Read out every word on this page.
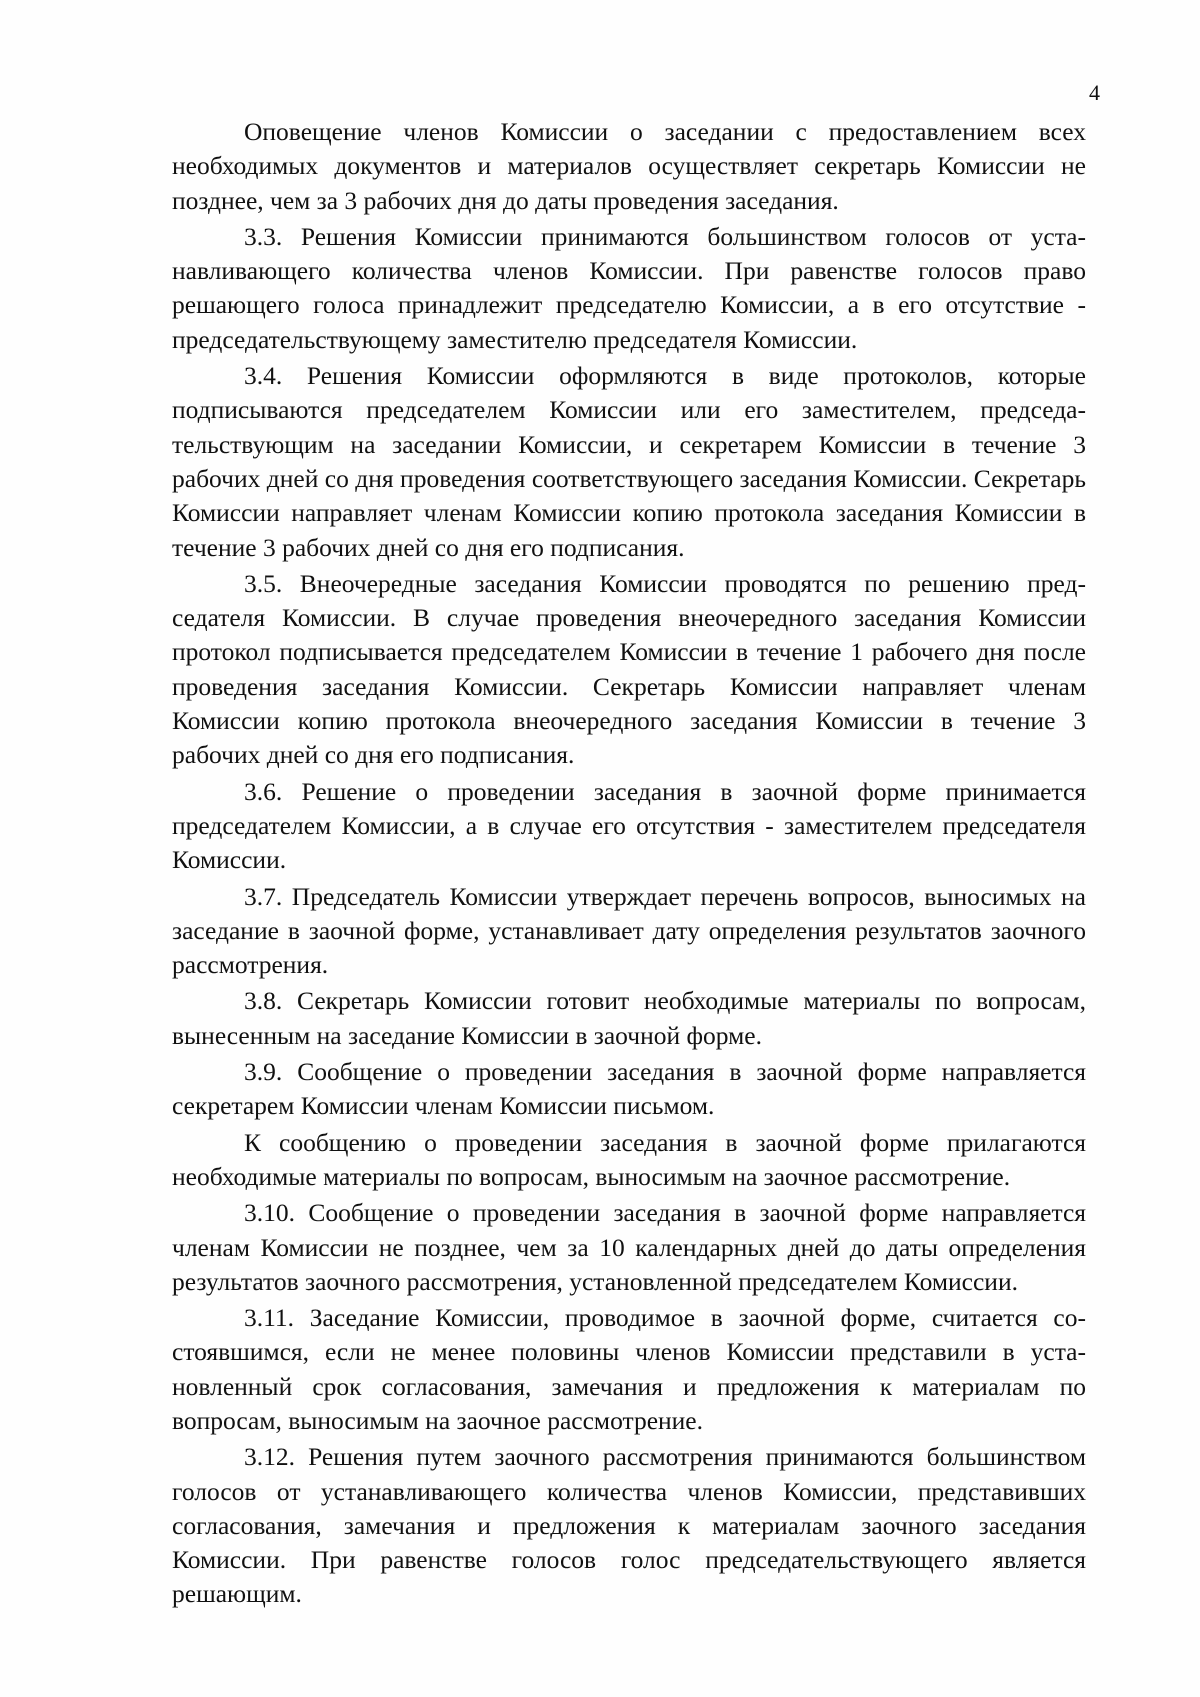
4

Оповещение членов Комиссии о заседании с предоставлением всех необходимых документов и материалов осуществляет секретарь Комиссии не позднее, чем за 3 рабочих дня до даты проведения заседания.

3.3. Решения Комиссии принимаются большинством голосов от устанавливающего количества членов Комиссии. При равенстве голосов право решающего голоса принадлежит председателю Комиссии, а в его отсутствие - председательствующему заместителю председателя Комиссии.

3.4. Решения Комиссии оформляются в виде протоколов, которые подписываются председателем Комиссии или его заместителем, председательствующим на заседании Комиссии, и секретарем Комиссии в течение 3 рабочих дней со дня проведения соответствующего заседания Комиссии. Секретарь Комиссии направляет членам Комиссии копию протокола заседания Комиссии в течение 3 рабочих дней со дня его подписания.

3.5. Внеочередные заседания Комиссии проводятся по решению председателя Комиссии. В случае проведения внеочередного заседания Комиссии протокол подписывается председателем Комиссии в течение 1 рабочего дня после проведения заседания Комиссии. Секретарь Комиссии направляет членам Комиссии копию протокола внеочередного заседания Комиссии в течение 3 рабочих дней со дня его подписания.

3.6. Решение о проведении заседания в заочной форме принимается председателем Комиссии, а в случае его отсутствия - заместителем председателя Комиссии.

3.7. Председатель Комиссии утверждает перечень вопросов, выносимых на заседание в заочной форме, устанавливает дату определения результатов заочного рассмотрения.

3.8. Секретарь Комиссии готовит необходимые материалы по вопросам, вынесенным на заседание Комиссии в заочной форме.

3.9. Сообщение о проведении заседания в заочной форме направляется секретарем Комиссии членам Комиссии письмом.

К сообщению о проведении заседания в заочной форме прилагаются необходимые материалы по вопросам, выносимым на заочное рассмотрение.

3.10. Сообщение о проведении заседания в заочной форме направляется членам Комиссии не позднее, чем за 10 календарных дней до даты определения результатов заочного рассмотрения, установленной председателем Комиссии.

3.11. Заседание Комиссии, проводимое в заочной форме, считается состоявшимся, если не менее половины членов Комиссии представили в установленный срок согласования, замечания и предложения к материалам по вопросам, выносимым на заочное рассмотрение.

3.12. Решения путем заочного рассмотрения принимаются большинством голосов от устанавливающего количества членов Комиссии, представивших согласования, замечания и предложения к материалам заочного заседания Комиссии. При равенстве голосов голос председательствующего является решающим.
